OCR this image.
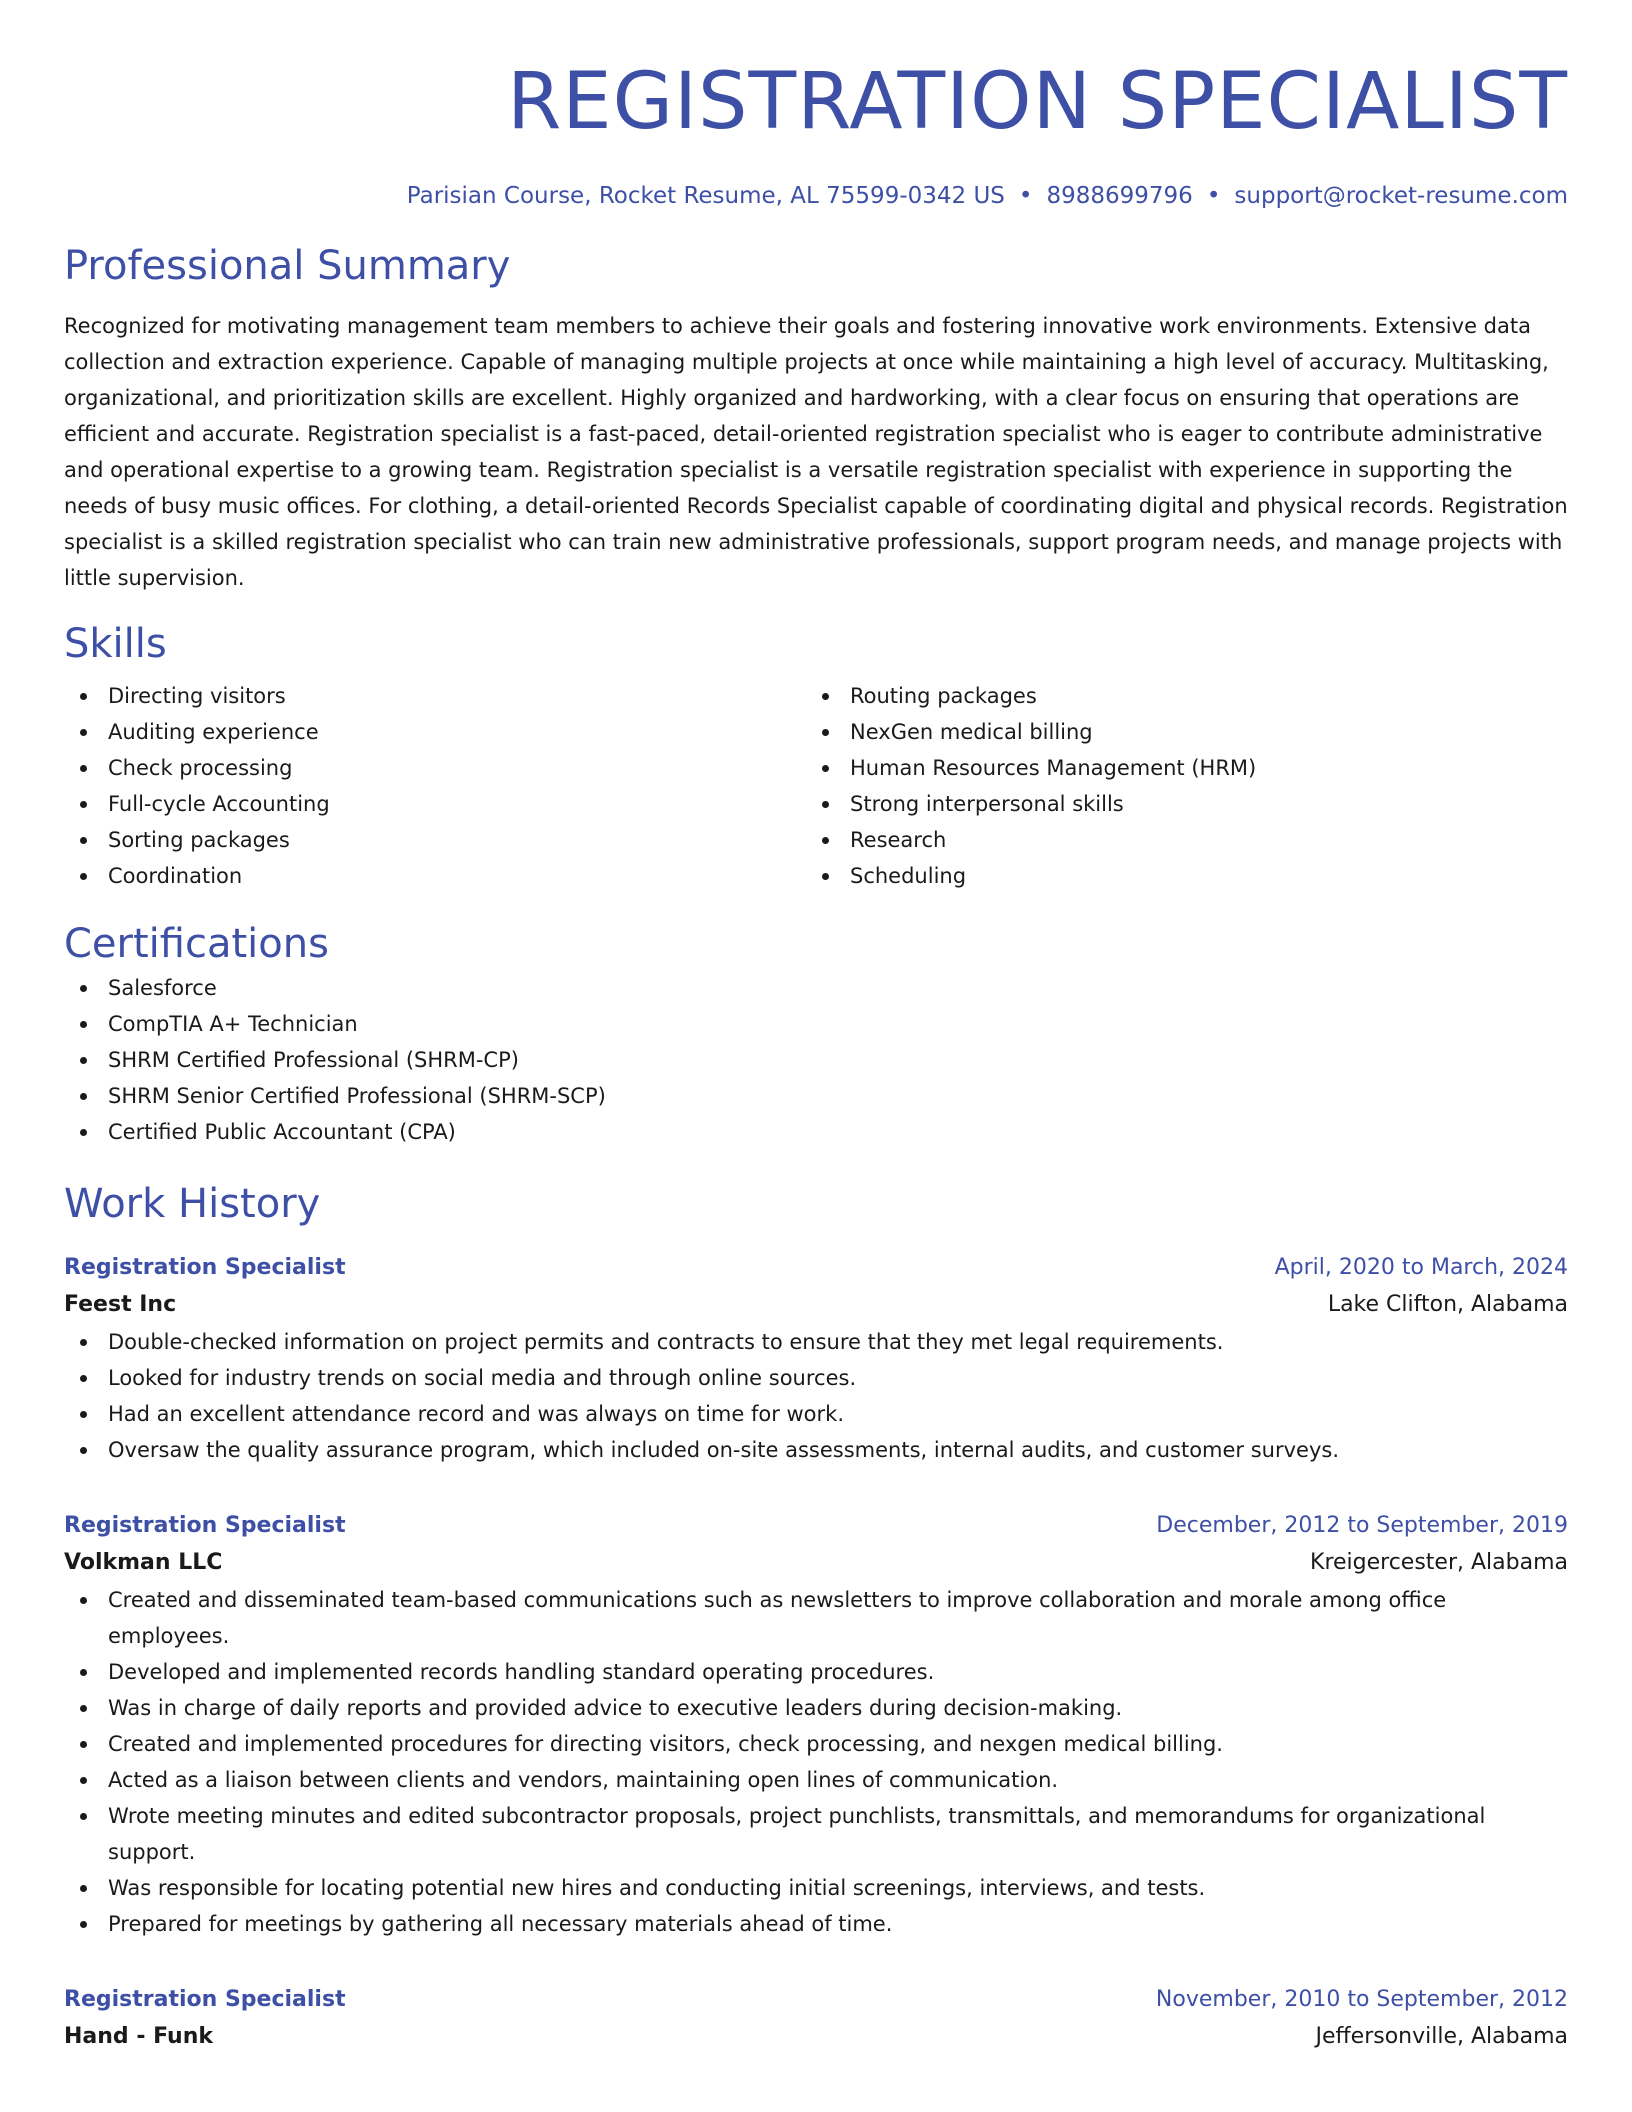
REGISTRATION SPECIALIST
Parisian Course, Rocket Resume, AL 75599-0342 US • 8988699796 • support@rocket-resume.com
Professional Summary

Recognized for motivating management team members to achieve their goals and fostering innovative work environments. Extensive data collection and extraction experience. Capable of managing multiple projects at once while maintaining a high level of accuracy. Multitasking, organizational, and prioritization skills are excellent. Highly organized and hardworking, with a clear focus on ensuring that operations are efficient and accurate. Registration specialist is a fast-paced, detail-oriented registration specialist who is eager to contribute administrative and operational expertise to a growing team. Registration specialist is a versatile registration specialist with experience in supporting the needs of busy music offices. For clothing, a detail-oriented Records Specialist capable of coordinating digital and physical records. Registration specialist is a skilled registration specialist who can train new administrative professionals, support program needs, and manage projects with little supervision.

Skills
Directing visitors
Auditing experience
Check processing
Full-cycle Accounting
Sorting packages
Coordination
Routing packages
NexGen medical billing
Human Resources Management (HRM)
Strong interpersonal skills
Research
Scheduling
Certifications
Salesforce
CompTIA A+ Technician
SHRM Certified Professional (SHRM-CP)
SHRM Senior Certified Professional (SHRM-SCP)
Certified Public Accountant (CPA)
Work History
Registration Specialist	April, 2020 to March, 2024
Feest Inc	Lake Clifton, Alabama
Double-checked information on project permits and contracts to ensure that they met legal requirements.
Looked for industry trends on social media and through online sources.
Had an excellent attendance record and was always on time for work.
Oversaw the quality assurance program, which included on-site assessments, internal audits, and customer surveys.
Registration Specialist	December, 2012 to September, 2019
Volkman LLC	Kreigercester, Alabama
Created and disseminated team-based communications such as newsletters to improve collaboration and morale among office employees.
Developed and implemented records handling standard operating procedures.
Was in charge of daily reports and provided advice to executive leaders during decision-making.
Created and implemented procedures for directing visitors, check processing, and nexgen medical billing.
Acted as a liaison between clients and vendors, maintaining open lines of communication.
Wrote meeting minutes and edited subcontractor proposals, project punchlists, transmittals, and memorandums for organizational support.
Was responsible for locating potential new hires and conducting initial screenings, interviews, and tests.
Prepared for meetings by gathering all necessary materials ahead of time.
Registration Specialist	November, 2010 to September, 2012
Hand - Funk	Jeffersonville, Alabama
